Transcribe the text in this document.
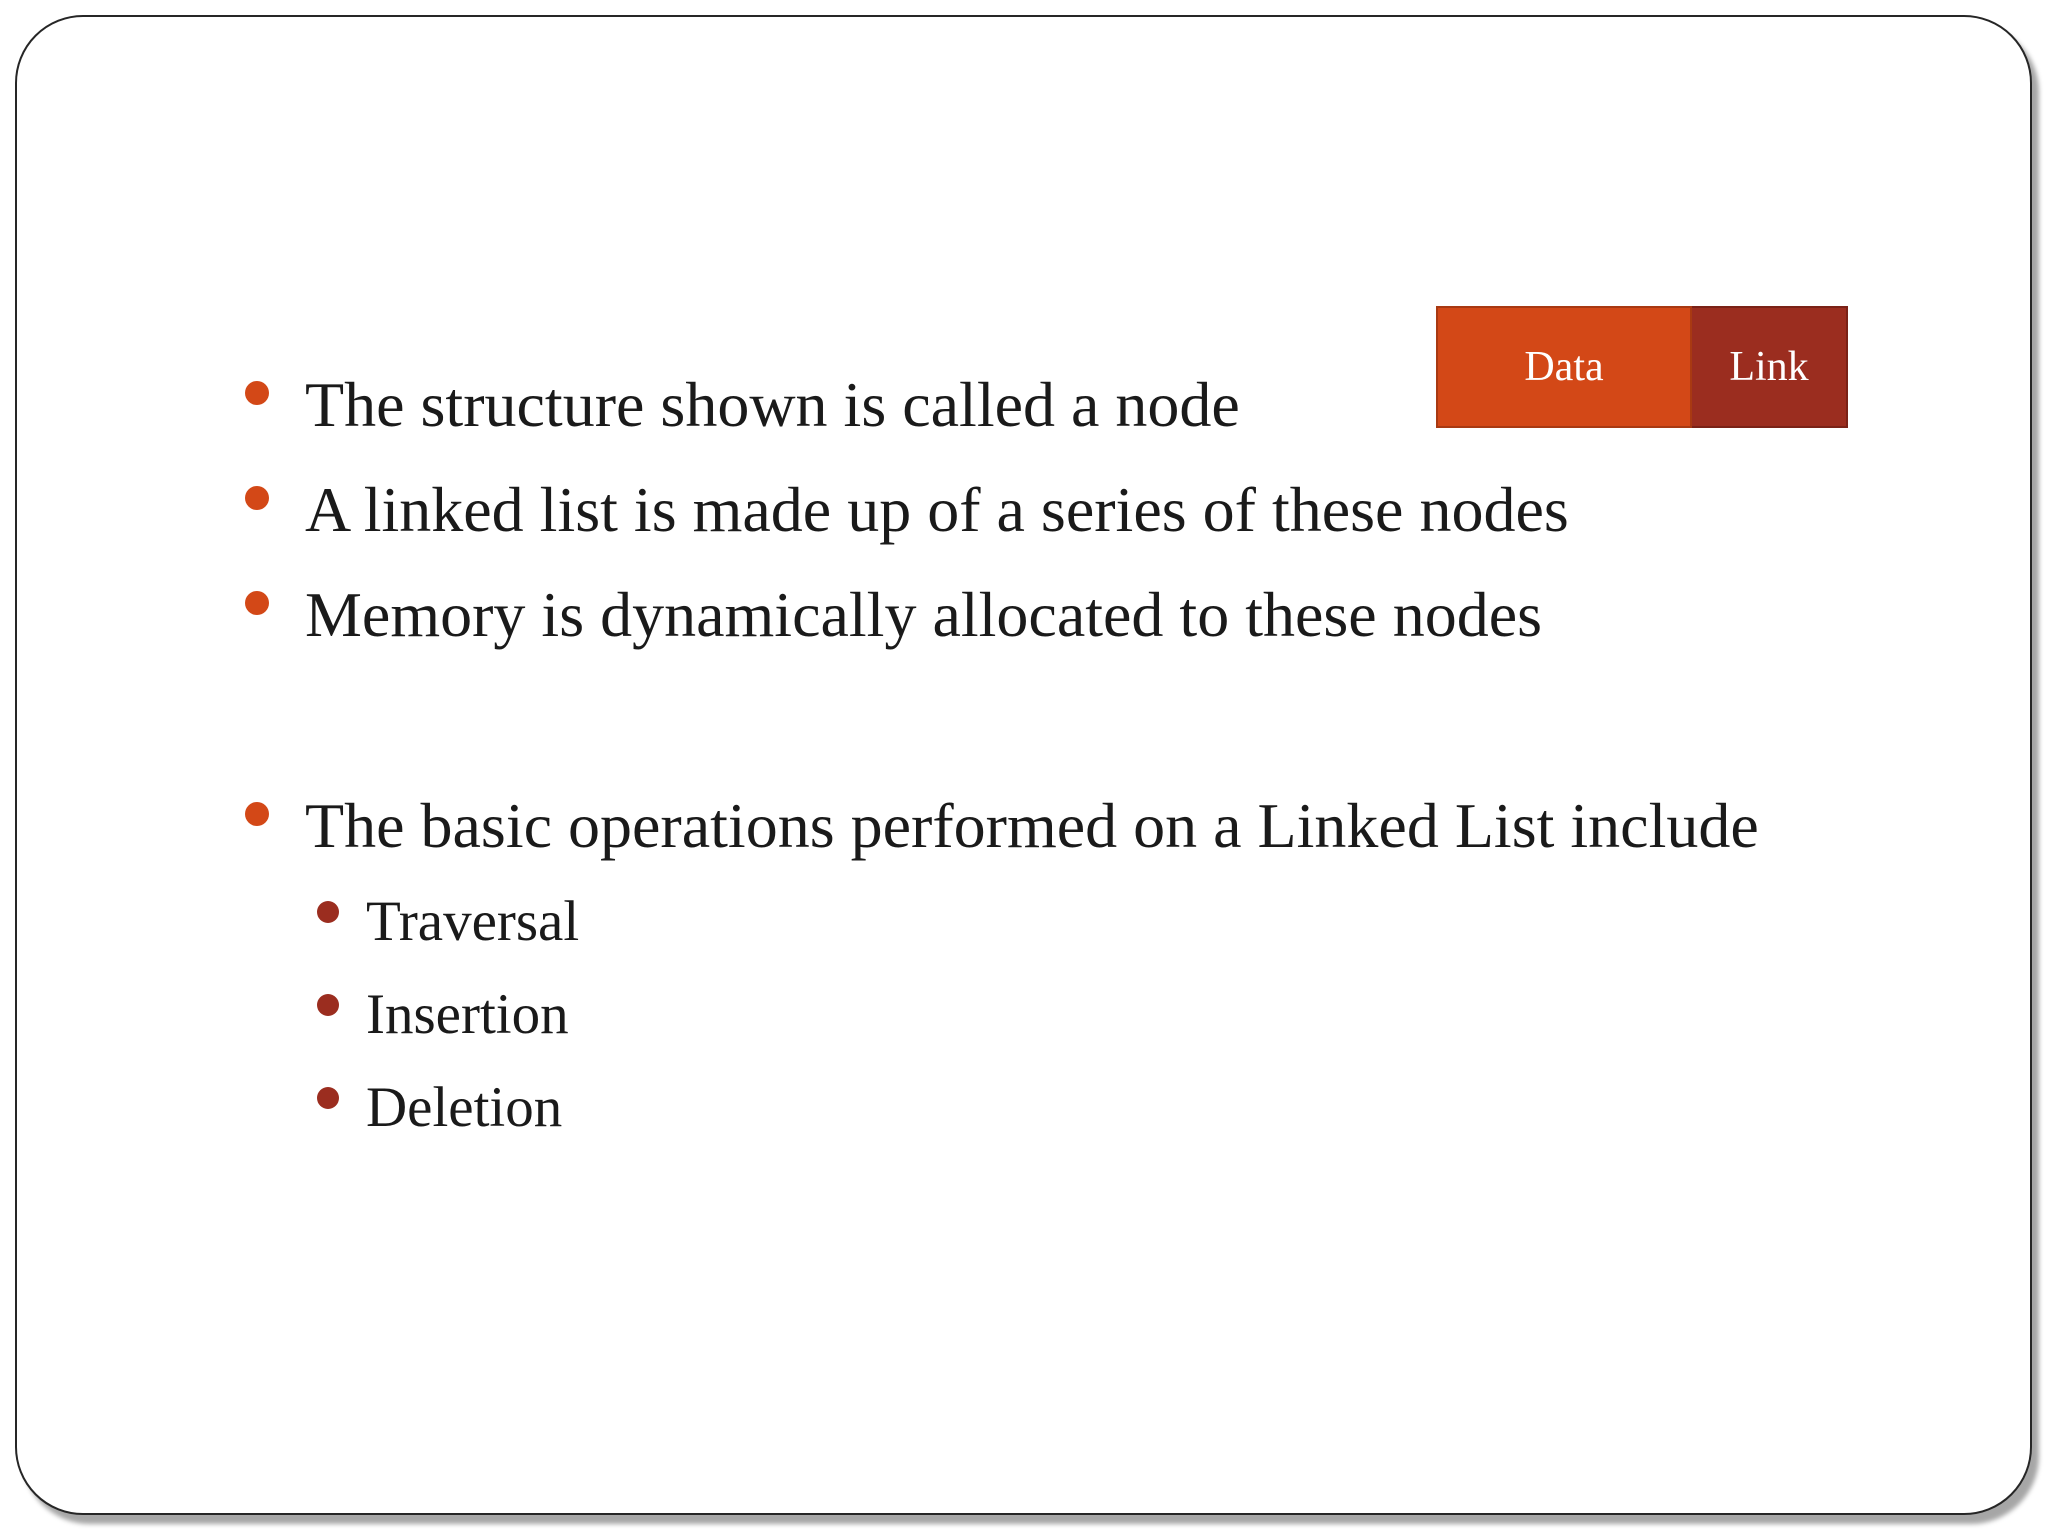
Data	Link
The structure shown is called a node
A linked list is made up of a series of these nodes
Memory is dynamically allocated to these nodes
The basic operations performed on a Linked List include
Traversal
Insertion
Deletion
